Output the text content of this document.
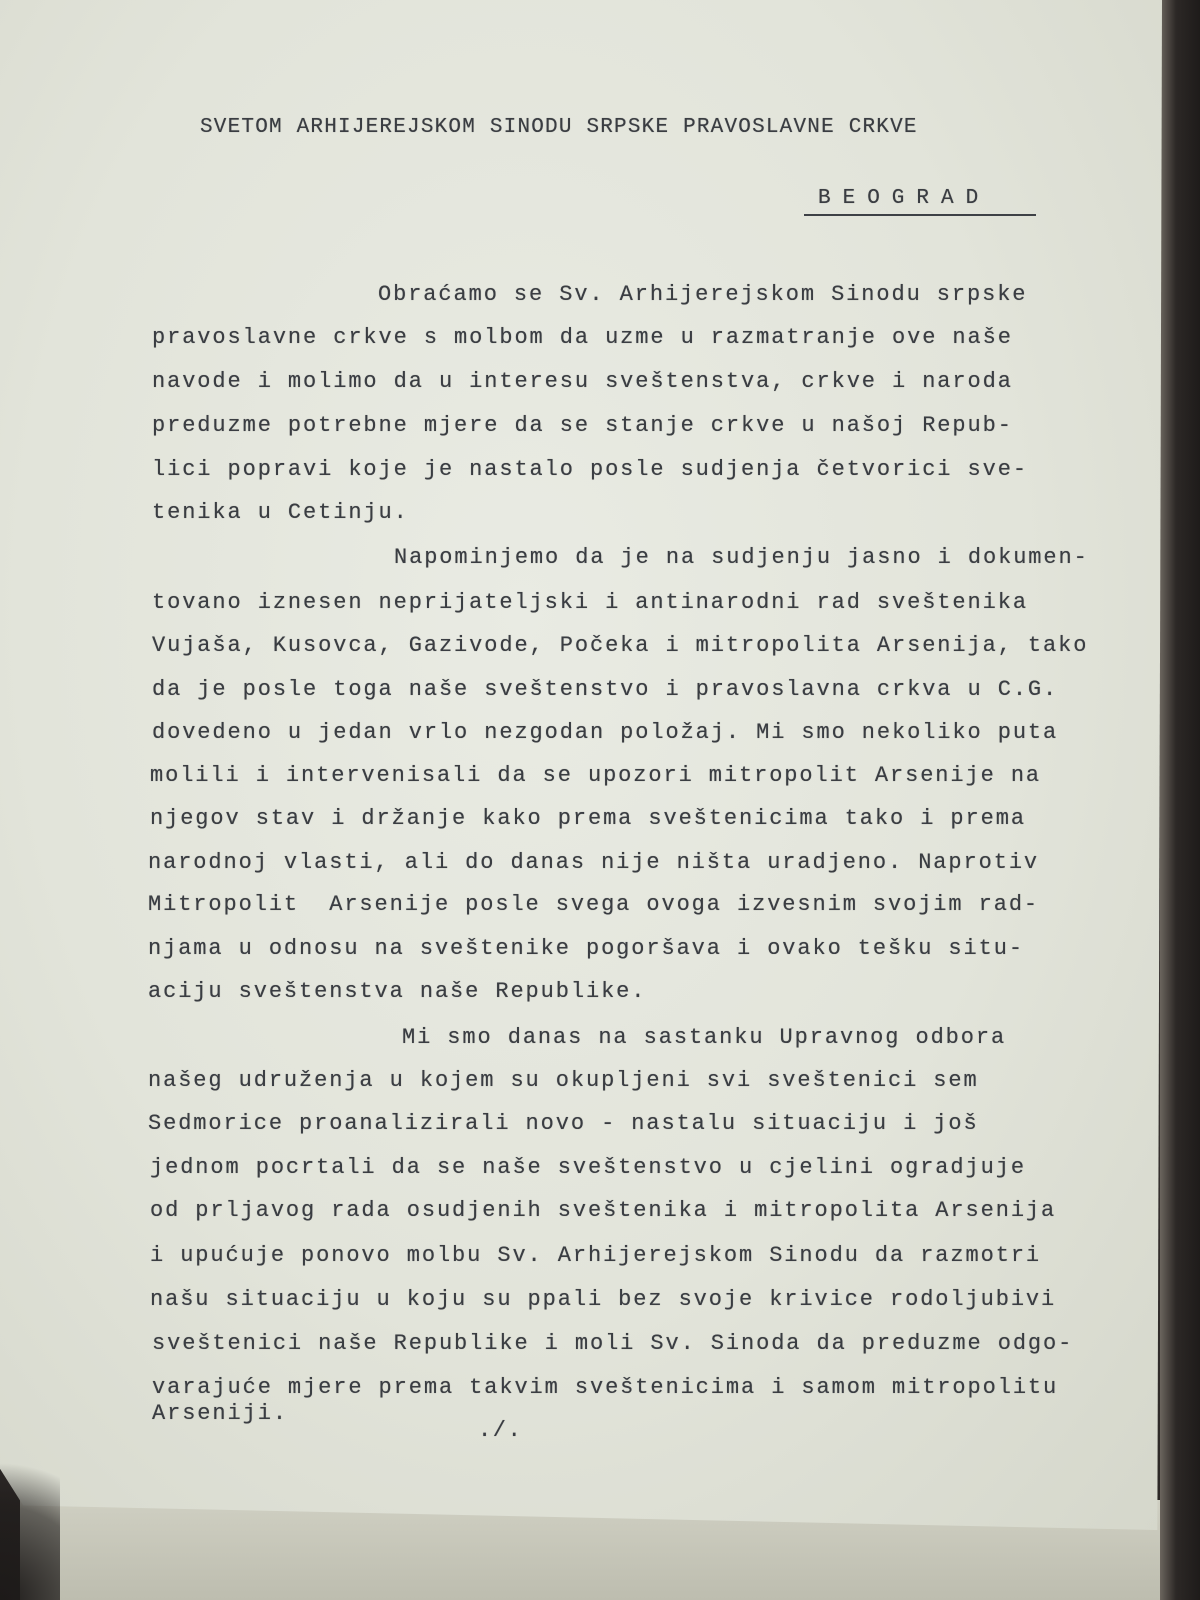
SVETOM ARHIJEREJSKOM SINODU SRPSKE PRAVOSLAVNE CRKVE
BEOGRAD
Obraćamo se Sv. Arhijerejskom Sinodu srpske
pravoslavne crkve s molbom da uzme u razmatranje ove naše
navode i molimo da u interesu sveštenstva, crkve i naroda
preduzme potrebne mjere da se stanje crkve u našoj Repub-
lici popravi koje je nastalo posle sudjenja četvorici sve-
tenika u Cetinju.
Napominjemo da je na sudjenju jasno i dokumen-
tovano iznesen neprijateljski i antinarodni rad sveštenika
Vujaša, Kusovca, Gazivode, Počeka i mitropolita Arsenija, tako
da je posle toga naše sveštenstvo i pravoslavna crkva u C.G.
dovedeno u jedan vrlo nezgodan položaj. Mi smo nekoliko puta
molili i intervenisali da se upozori mitropolit Arsenije na
njegov stav i držanje kako prema sveštenicima tako i prema
narodnoj vlasti, ali do danas nije ništa uradjeno. Naprotiv
Mitropolit  Arsenije posle svega ovoga izvesnim svojim rad-
njama u odnosu na sveštenike pogoršava i ovako tešku situ-
aciju sveštenstva naše Republike.
Mi smo danas na sastanku Upravnog odbora
našeg udruženja u kojem su okupljeni svi sveštenici sem
Sedmorice proanalizirali novo - nastalu situaciju i još
jednom pocrtali da se naše sveštenstvo u cjelini ogradjuje
od prljavog rada osudjenih sveštenika i mitropolita Arsenija
i upućuje ponovo molbu Sv. Arhijerejskom Sinodu da razmotri
našu situaciju u koju su ppali bez svoje krivice rodoljubivi
sveštenici naše Republike i moli Sv. Sinoda da preduzme odgo-
varajuće mjere prema takvim sveštenicima i samom mitropolitu
Arseniji.
./.
